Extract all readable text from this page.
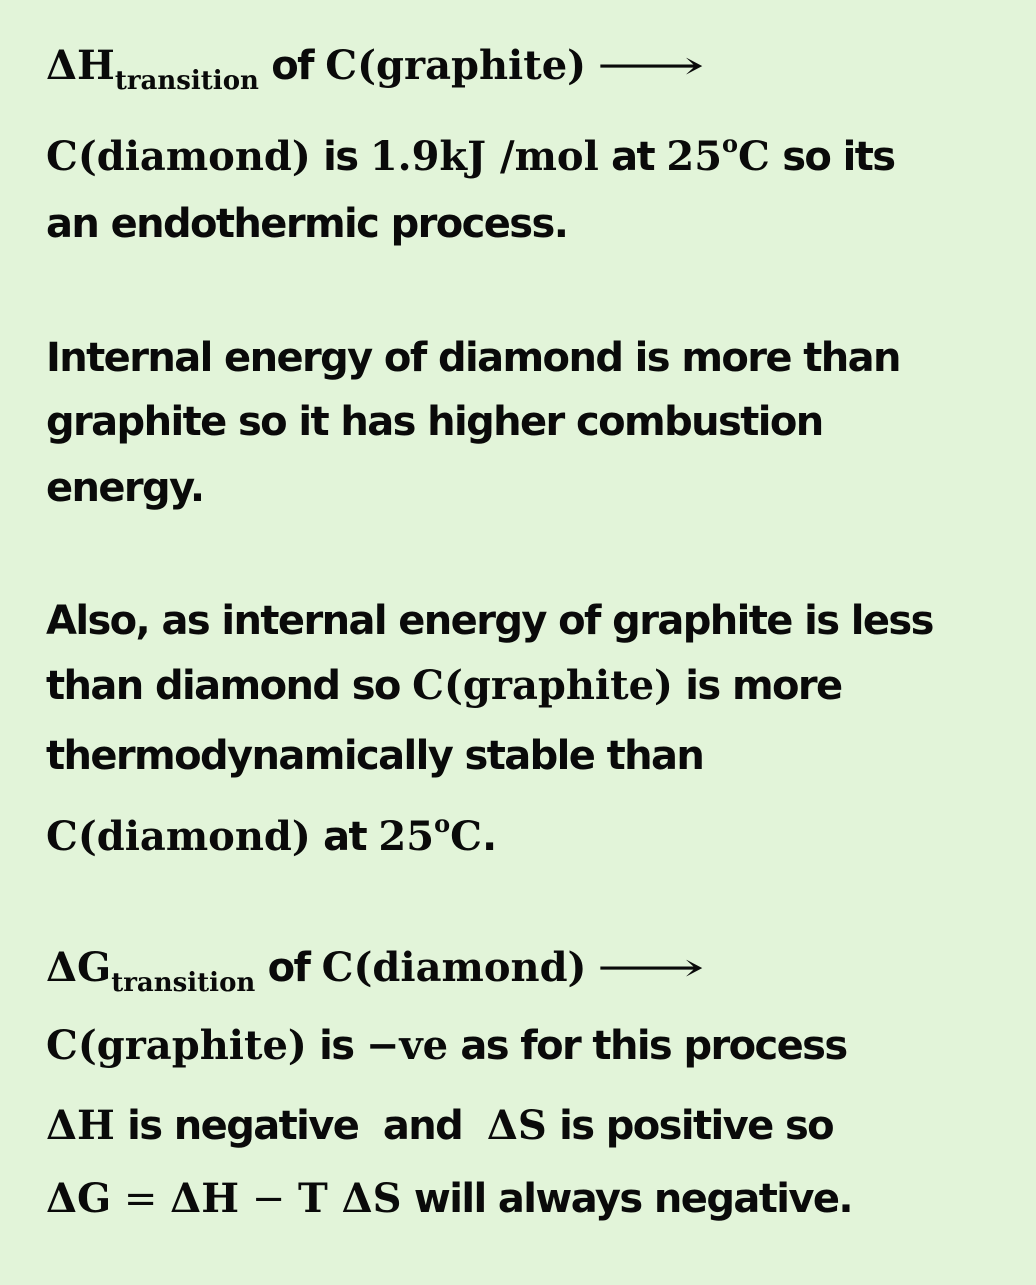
$\Delta H_{transition}$ of C(graphite) ⟶
C(diamond) is 1.9kJ /mol at 25$^o$C so its
an endothermic process.
Internal energy of diamond is more than
graphite so it has higher combustion
energy.
Also, as internal energy of graphite is less
than diamond so C(graphite) is more
thermodynamically stable than
C(diamond) at 25$^o$C.
$\Delta G_{transition}$ of C(diamond) ⟶
C(graphite) is −ve as for this process
ΔH is negative  and  ΔS is positive so
ΔG = ΔH − T ΔS will always negative.
